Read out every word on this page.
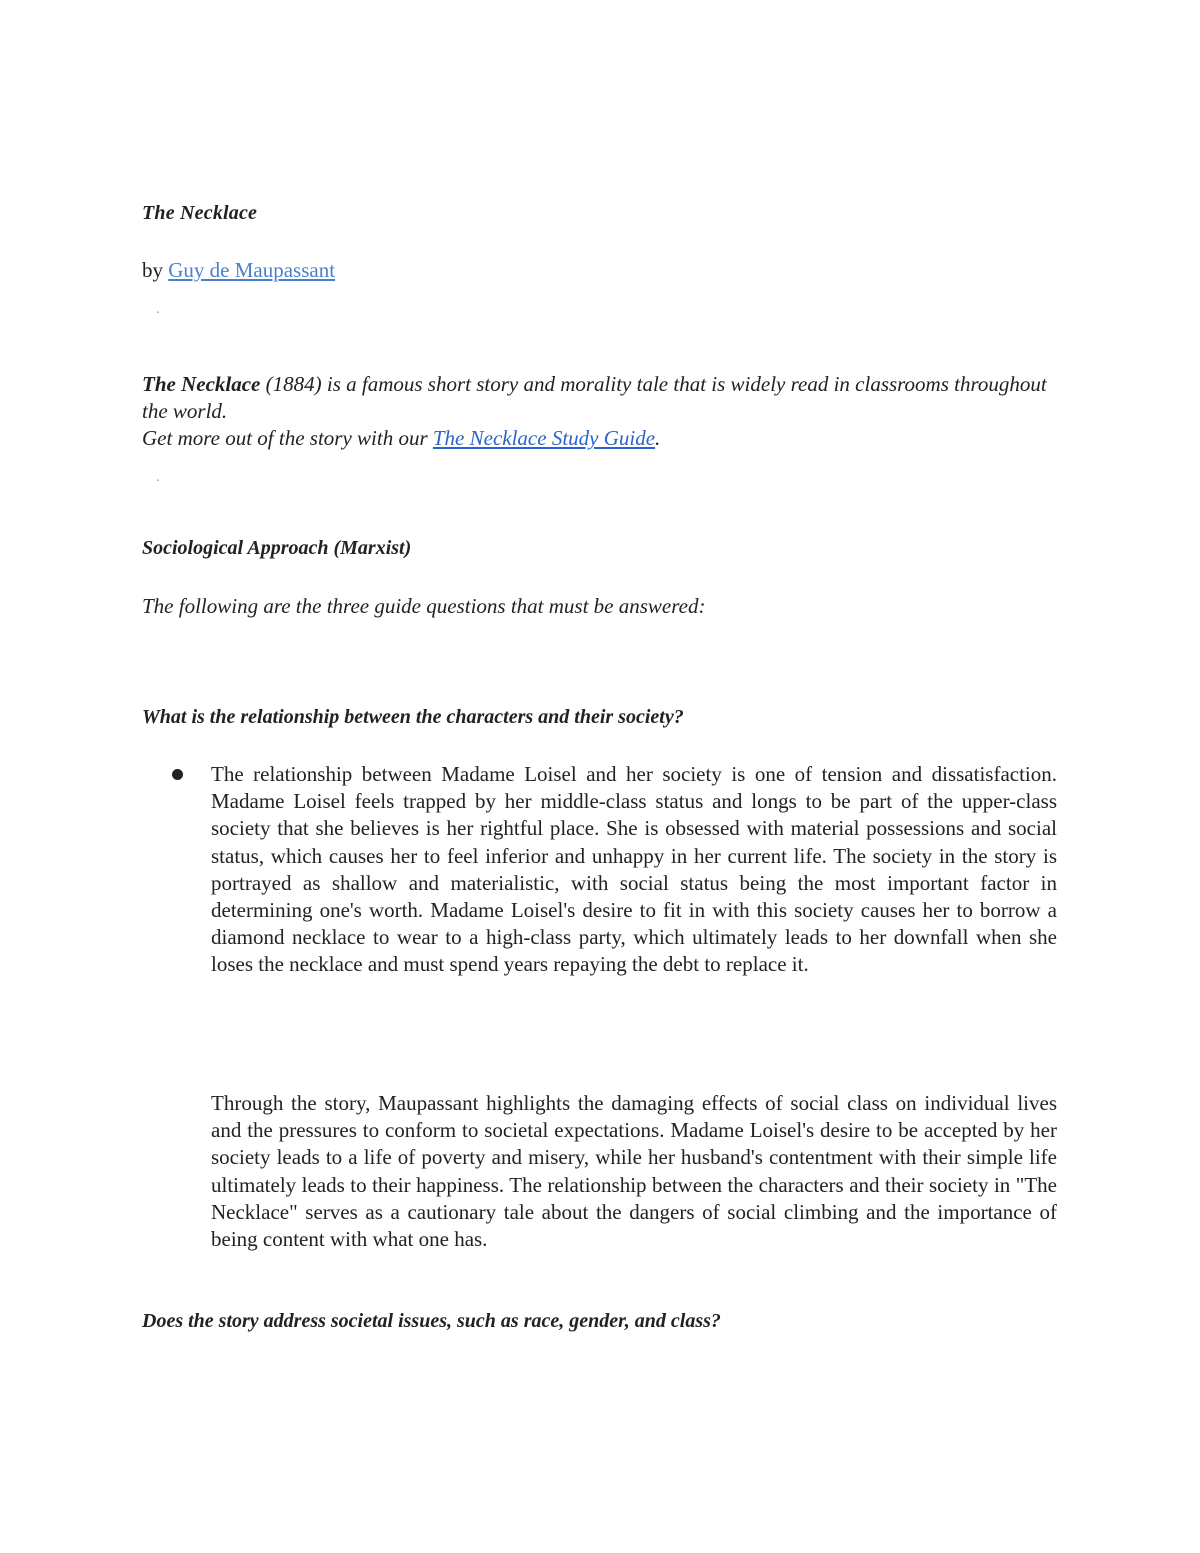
The Necklace
by Guy de Maupassant
.
The Necklace (1884) is a famous short story and morality tale that is widely read in classrooms throughout the world.
Get more out of the story with our The Necklace Study Guide.
.
Sociological Approach (Marxist)
The following are the three guide questions that must be answered:
What is the relationship between the characters and their society?
The relationship between Madame Loisel and her society is one of tension and dissatisfaction. Madame Loisel feels trapped by her middle-class status and longs to be part of the upper-class society that she believes is her rightful place. She is obsessed with material possessions and social status, which causes her to feel inferior and unhappy in her current life. The society in the story is portrayed as shallow and materialistic, with social status being the most important factor in determining one's worth. Madame Loisel's desire to fit in with this society causes her to borrow a diamond necklace to wear to a high-class party, which ultimately leads to her downfall when she loses the necklace and must spend years repaying the debt to replace it.
Through the story, Maupassant highlights the damaging effects of social class on individual lives and the pressures to conform to societal expectations. Madame Loisel's desire to be accepted by her society leads to a life of poverty and misery, while her husband's contentment with their simple life ultimately leads to their happiness. The relationship between the characters and their society in "The Necklace" serves as a cautionary tale about the dangers of social climbing and the importance of being content with what one has.
Does the story address societal issues, such as race, gender, and class?
